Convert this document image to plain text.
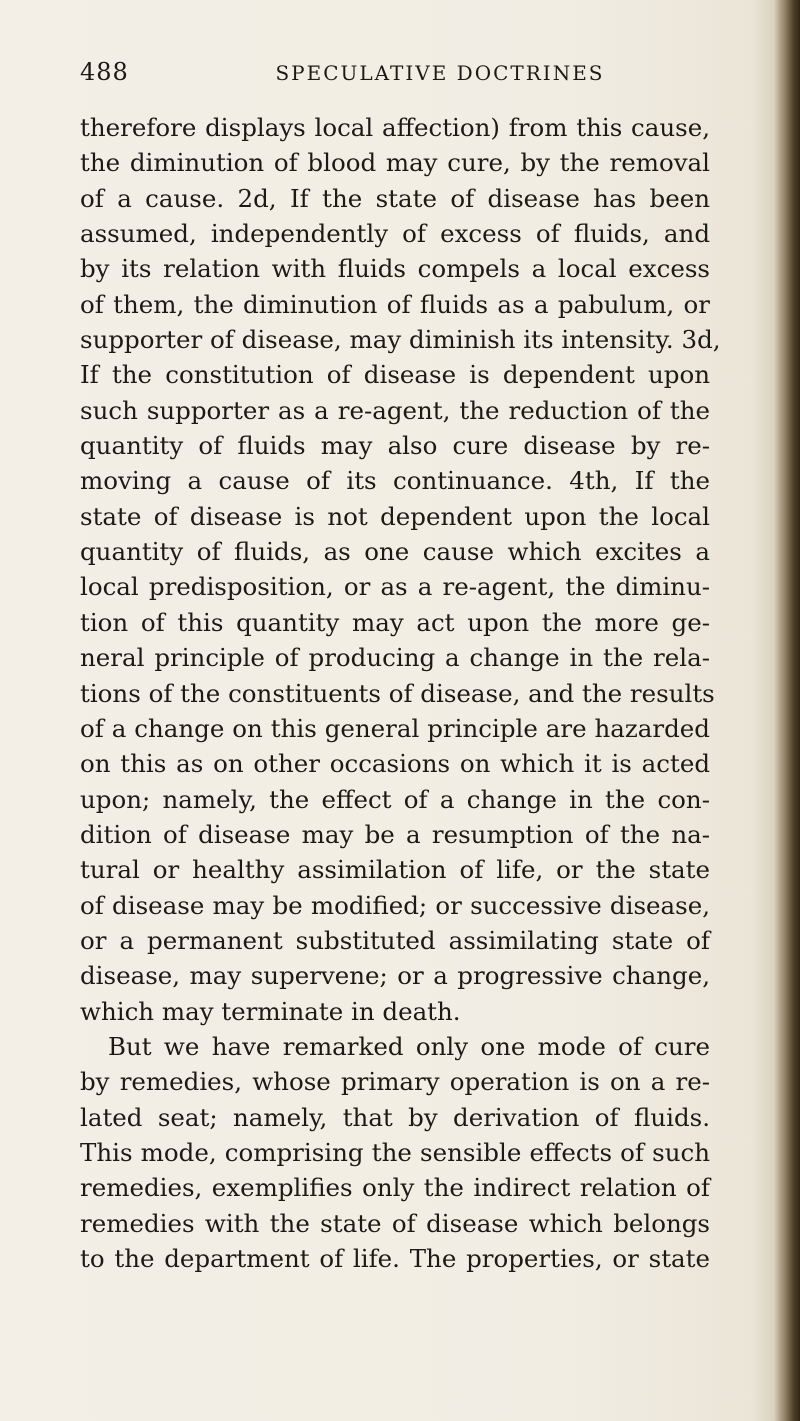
488	SPECULATIVE DOCTRINES
therefore displays local affection) from this cause,
the diminution of blood may cure, by the removal
of a cause. 2d, If the state of disease has been
assumed, independently of excess of fluids, and
by its relation with fluids compels a local excess
of them, the diminution of fluids as a pabulum, or
supporter of disease, may diminish its intensity. 3d,
If the constitution of disease is dependent upon
such supporter as a re-agent, the reduction of the
quantity of fluids may also cure disease by re-
moving a cause of its continuance. 4th, If the
state of disease is not dependent upon the local
quantity of fluids, as one cause which excites a
local predisposition, or as a re-agent, the diminu-
tion of this quantity may act upon the more ge-
neral principle of producing a change in the rela-
tions of the constituents of disease, and the results
of a change on this general principle are hazarded
on this as on other occasions on which it is acted
upon; namely, the effect of a change in the con-
dition of disease may be a resumption of the na-
tural or healthy assimilation of life, or the state
of disease may be modified; or successive disease,
or a permanent substituted assimilating state of
disease, may supervene; or a progressive change,
which may terminate in death.
But we have remarked only one mode of cure
by remedies, whose primary operation is on a re-
lated seat; namely, that by derivation of fluids.
This mode, comprising the sensible effects of such
remedies, exemplifies only the indirect relation of
remedies with the state of disease which belongs
to the department of life. The properties, or state
